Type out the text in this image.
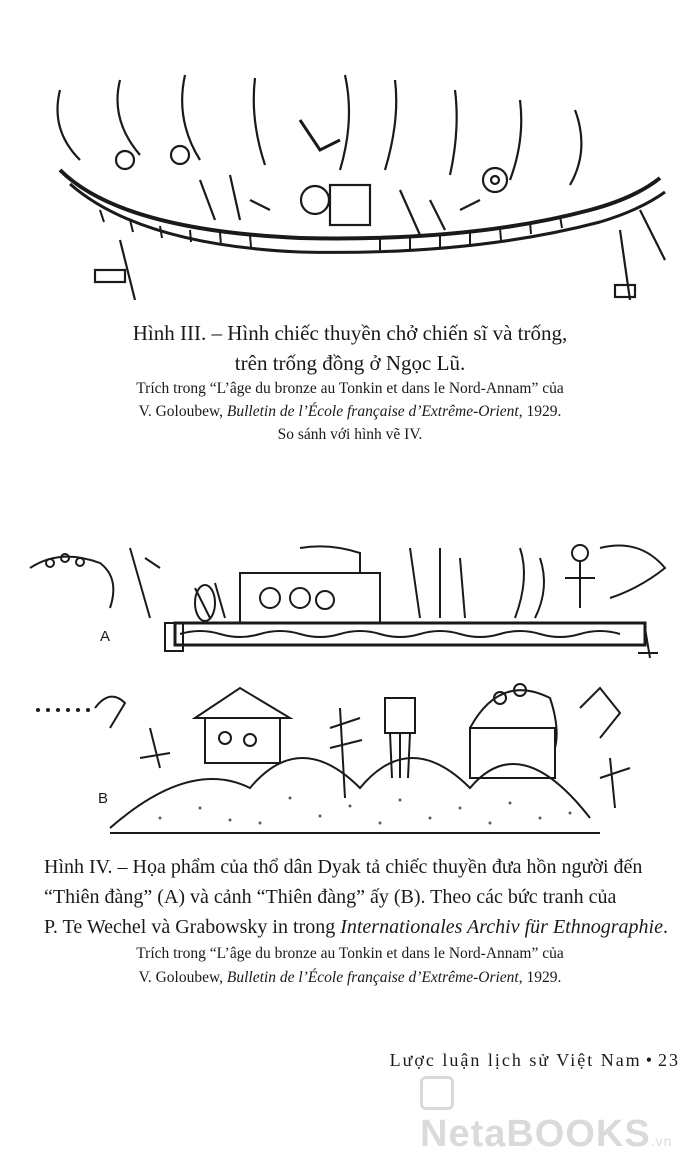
Hình III. – Hình chiếc thuyền chở chiến sĩ và trống,
trên trống đồng ở Ngọc Lũ.
Trích trong “L’âge du bronze au Tonkin et dans le Nord-Annam” của
V. Goloubew, Bulletin de l’École française d’Extrême-Orient, 1929.
So sánh với hình vẽ IV.
A
B
Hình IV. – Họa phẩm của thổ dân Dyak tả chiếc thuyền đưa hồn người đến
“Thiên đàng” (A) và cảnh “Thiên đàng” ấy (B). Theo các bức tranh của
P. Te Wechel và Grabowsky in trong Internationales Archiv für Ethnographie.
Trích trong “L’âge du bronze au Tonkin et dans le Nord-Annam” của
V. Goloubew, Bulletin de l’École française d’Extrême-Orient, 1929.
Lược luận lịch sử Việt Nam • 23
NetaBOOKS.vn
